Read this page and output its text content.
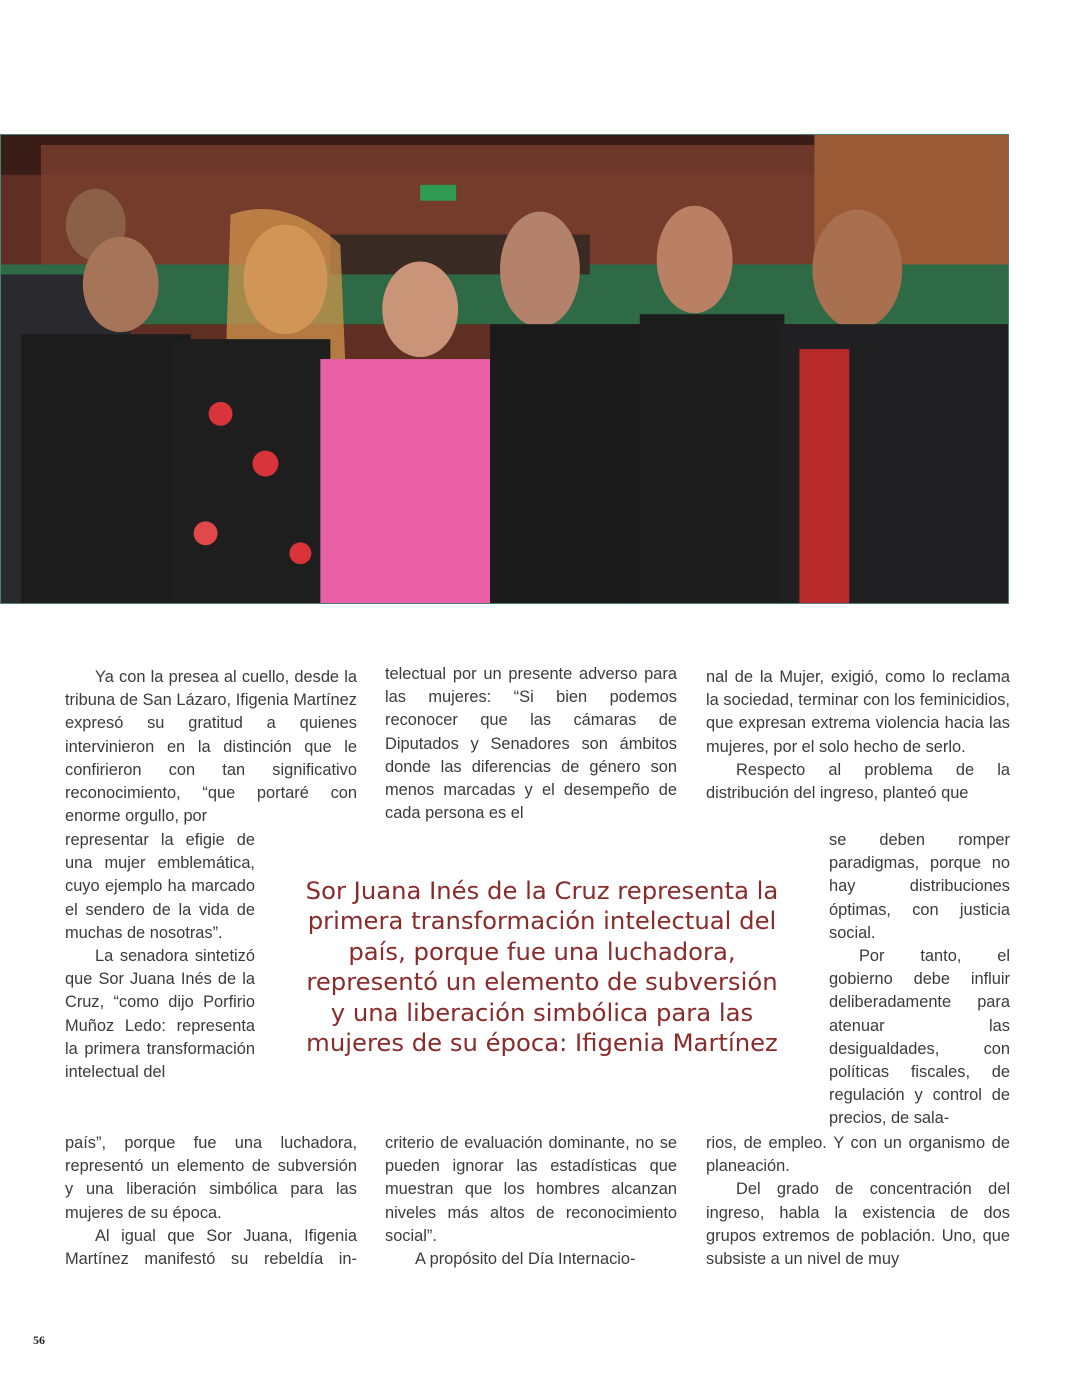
Ya con la presea al cuello, desde la tribuna de San Lázaro, Ifigenia Martínez expresó su gratitud a quienes intervinieron en la distinción que le confirieron con tan significativo reconocimiento, “que portaré con enorme orgullo, por

representar la efigie de una mujer emblemática, cuyo ejemplo ha marcado el sendero de la vida de muchas de nosotras”.

La senadora sintetizó que Sor Juana Inés de la Cruz, “como dijo Porfirio Muñoz Ledo: representa la primera transformación intelectual del

país”, porque fue una luchadora, representó un elemento de subversión y una liberación simbólica para las mujeres de su época.

Al igual que Sor Juana, Ifigenia Martínez manifestó su rebeldía in-

telectual por un presente adverso para las mujeres: “Si bien podemos reconocer que las cámaras de Diputados y Senadores son ámbitos donde las diferencias de género son menos marcadas y el desempeño de cada persona es el

criterio de evaluación dominante, no se pueden ignorar las estadísticas que muestran que los hombres alcanzan niveles más altos de reconocimiento social”.

A propósito del Día Internacio-

nal de la Mujer, exigió, como lo reclama la sociedad, terminar con los feminicidios, que expresan extrema violencia hacia las mujeres, por el solo hecho de serlo.

Respecto al problema de la distribución del ingreso, planteó que

se deben romper paradigmas, porque no hay distribuciones óptimas, con justicia social.

Por tanto, el gobierno debe influir deliberadamente para atenuar las desigualdades, con políticas fiscales, de regulación y control de precios, de sala-

rios, de empleo. Y con un organismo de planeación.

Del grado de concentración del ingreso, habla la existencia de dos grupos extremos de población. Uno, que subsiste a un nivel de muy

Sor Juana Inés de la Cruz representa la primera transformación intelectual del país, porque fue una luchadora, representó un elemento de subversión y una liberación simbólica para las mujeres de su época: Ifigenia Martínez

56
